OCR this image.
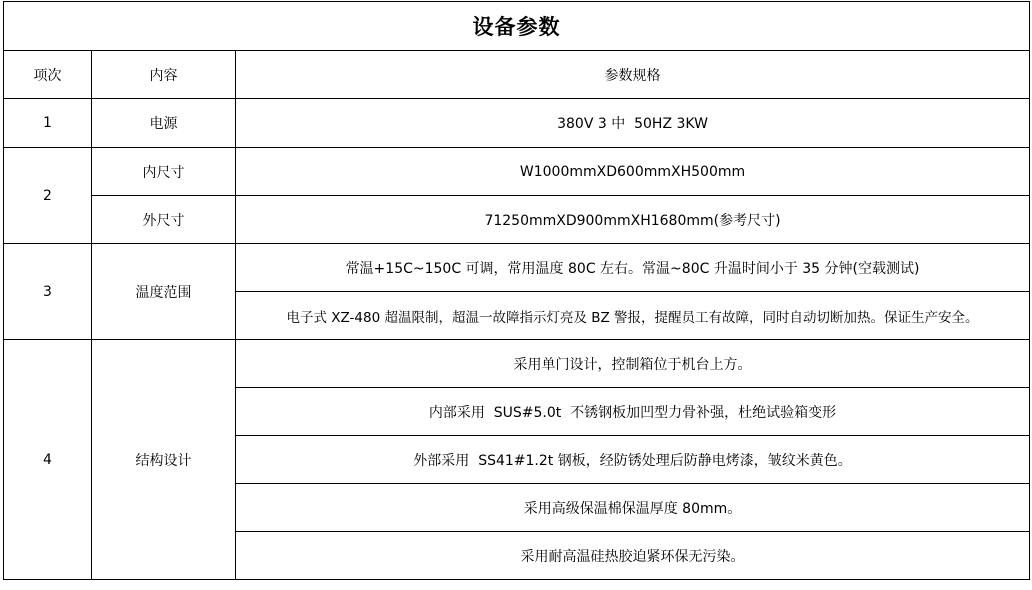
设备参数		
项次	内容	参数规格
1	电源	380V 3 中  50HZ 3KW
2	内尺寸	W1000mmXD600mmXH500mm
	外尺寸	71250mmXD900mmXH1680mm(参考尺寸)
3	温度范围	常温+15C~150C 可调，常用温度 80C 左右。常温~80C 升温时间小于 35 分钟(空载测试)
		电子式 XZ-480 超温限制，超温一故障指示灯亮及 BZ 警报，提醒员工有故障，同时自动切断加热。保证生产安全。
4	结构设计	采用单门设计，控制箱位于机台上方。
		内部采用  SUS#5.0t  不锈钢板加凹型力骨补强，杜绝试验箱变形
		外部采用  SS41#1.2t 钢板，经防锈处理后防静电烤漆，皱纹米黄色。
		采用高级保温棉保温厚度 80mm。
		采用耐高温硅热胶迫紧环保无污染。
